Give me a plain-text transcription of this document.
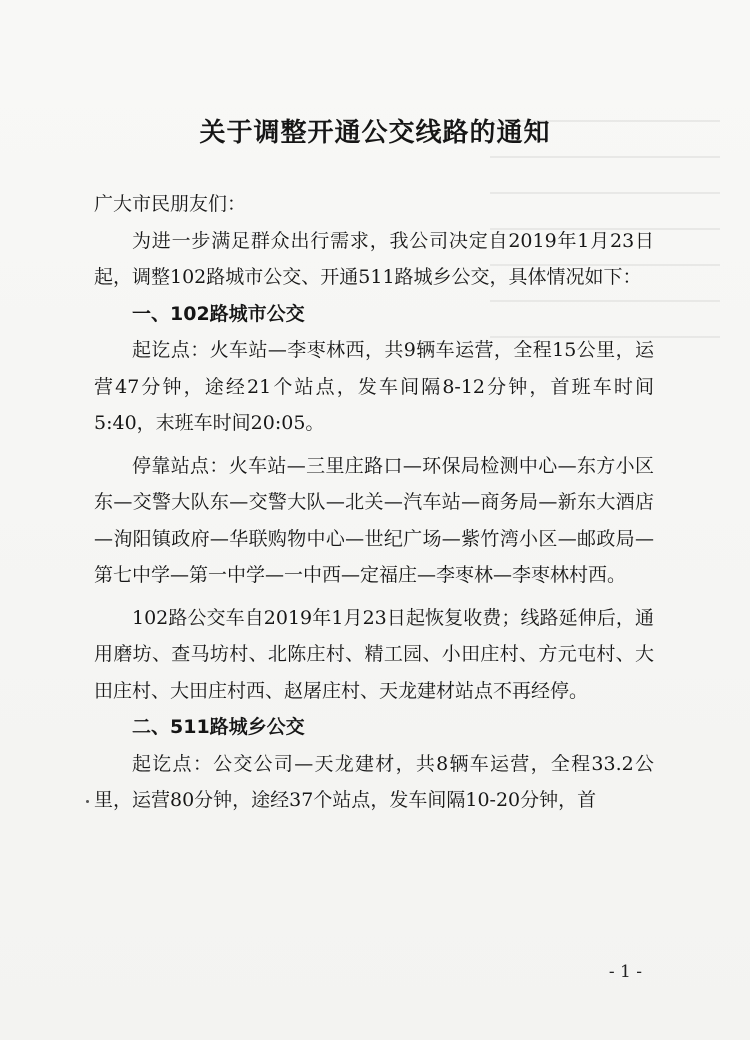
关于调整开通公交线路的通知

广大市民朋友们：

为进一步满足群众出行需求，我公司决定自2019年1月23日起，调整102路城市公交、开通511路城乡公交，具体情况如下：

一、102路城市公交

起讫点：火车站—李枣林西，共9辆车运营，全程15公里，运营47分钟，途经21个站点，发车间隔8-12分钟，首班车时间5:40，末班车时间20:05。

停靠站点：火车站—三里庄路口—环保局检测中心—东方小区东—交警大队东—交警大队—北关—汽车站—商务局—新东大酒店—洵阳镇政府—华联购物中心—世纪广场—紫竹湾小区—邮政局—第七中学—第一中学—一中西—定福庄—李枣林—李枣林村西。

102路公交车自2019年1月23日起恢复收费；线路延伸后，通用磨坊、查马坊村、北陈庄村、精工园、小田庄村、方元屯村、大田庄村、大田庄村西、赵屠庄村、天龙建材站点不再经停。

二、511路城乡公交

起讫点：公交公司—天龙建材，共8辆车运营，全程33.2公里，运营80分钟，途经37个站点，发车间隔10-20分钟，首

- 1 -
